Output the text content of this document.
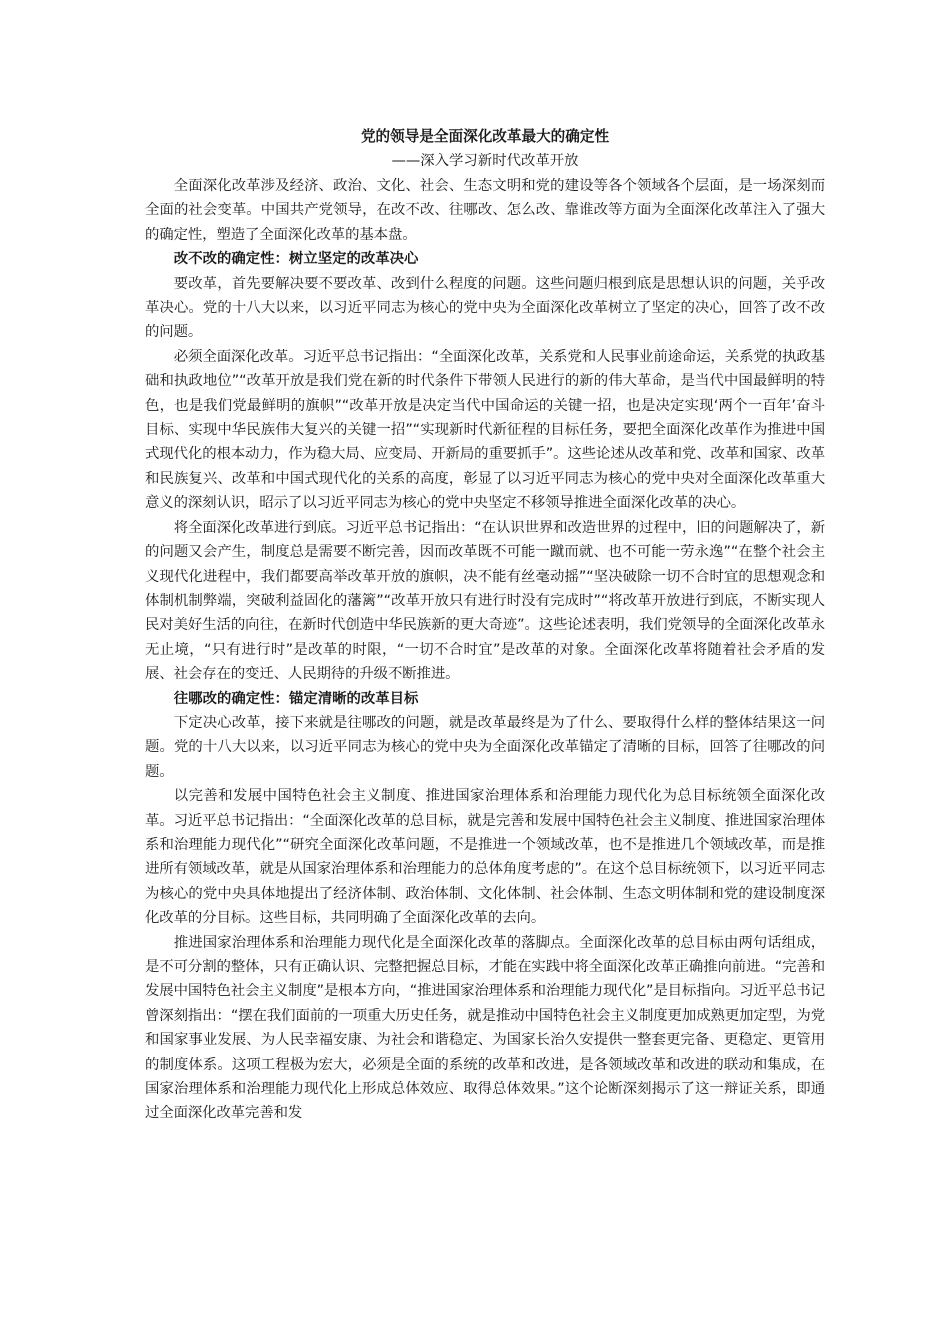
党的领导是全面深化改革最大的确定性

——深入学习新时代改革开放

全面深化改革涉及经济、政治、文化、社会、生态文明和党的建设等各个领域各个层面，是一场深刻而全面的社会变革。中国共产党领导，在改不改、往哪改、怎么改、靠谁改等方面为全面深化改革注入了强大的确定性，塑造了全面深化改革的基本盘。

改不改的确定性：树立坚定的改革决心

要改革，首先要解决要不要改革、改到什么程度的问题。这些问题归根到底是思想认识的问题，关乎改革决心。党的十八大以来，以习近平同志为核心的党中央为全面深化改革树立了坚定的决心，回答了改不改的问题。

必须全面深化改革。习近平总书记指出：“全面深化改革，关系党和人民事业前途命运，关系党的执政基础和执政地位”“改革开放是我们党在新的时代条件下带领人民进行的新的伟大革命，是当代中国最鲜明的特色，也是我们党最鲜明的旗帜”“改革开放是决定当代中国命运的关键一招，也是决定实现‘两个一百年’奋斗目标、实现中华民族伟大复兴的关键一招”“实现新时代新征程的目标任务，要把全面深化改革作为推进中国式现代化的根本动力，作为稳大局、应变局、开新局的重要抓手”。这些论述从改革和党、改革和国家、改革和民族复兴、改革和中国式现代化的关系的高度，彰显了以习近平同志为核心的党中央对全面深化改革重大意义的深刻认识，昭示了以习近平同志为核心的党中央坚定不移领导推进全面深化改革的决心。

将全面深化改革进行到底。习近平总书记指出：“在认识世界和改造世界的过程中，旧的问题解决了，新的问题又会产生，制度总是需要不断完善，因而改革既不可能一蹴而就、也不可能一劳永逸”“在整个社会主义现代化进程中，我们都要高举改革开放的旗帜，决不能有丝毫动摇”“坚决破除一切不合时宜的思想观念和体制机制弊端，突破利益固化的藩篱”“改革开放只有进行时没有完成时”“将改革开放进行到底，不断实现人民对美好生活的向往，在新时代创造中华民族新的更大奇迹”。这些论述表明，我们党领导的全面深化改革永无止境，“只有进行时”是改革的时限，“一切不合时宜”是改革的对象。全面深化改革将随着社会矛盾的发展、社会存在的变迁、人民期待的升级不断推进。

往哪改的确定性：锚定清晰的改革目标

下定决心改革，接下来就是往哪改的问题，就是改革最终是为了什么、要取得什么样的整体结果这一问题。党的十八大以来，以习近平同志为核心的党中央为全面深化改革锚定了清晰的目标，回答了往哪改的问题。

以完善和发展中国特色社会主义制度、推进国家治理体系和治理能力现代化为总目标统领全面深化改革。习近平总书记指出：“全面深化改革的总目标，就是完善和发展中国特色社会主义制度、推进国家治理体系和治理能力现代化”“研究全面深化改革问题，不是推进一个领域改革，也不是推进几个领域改革，而是推进所有领域改革，就是从国家治理体系和治理能力的总体角度考虑的”。在这个总目标统领下，以习近平同志为核心的党中央具体地提出了经济体制、政治体制、文化体制、社会体制、生态文明体制和党的建设制度深化改革的分目标。这些目标，共同明确了全面深化改革的去向。

推进国家治理体系和治理能力现代化是全面深化改革的落脚点。全面深化改革的总目标由两句话组成，是不可分割的整体，只有正确认识、完整把握总目标，才能在实践中将全面深化改革正确推向前进。“完善和发展中国特色社会主义制度”是根本方向，“推进国家治理体系和治理能力现代化”是目标指向。习近平总书记曾深刻指出：“摆在我们面前的一项重大历史任务，就是推动中国特色社会主义制度更加成熟更加定型，为党和国家事业发展、为人民幸福安康、为社会和谐稳定、为国家长治久安提供一整套更完备、更稳定、更管用的制度体系。这项工程极为宏大，必须是全面的系统的改革和改进，是各领域改革和改进的联动和集成，在国家治理体系和治理能力现代化上形成总体效应、取得总体效果。”这个论断深刻揭示了这一辩证关系，即通过全面深化改革完善和发
